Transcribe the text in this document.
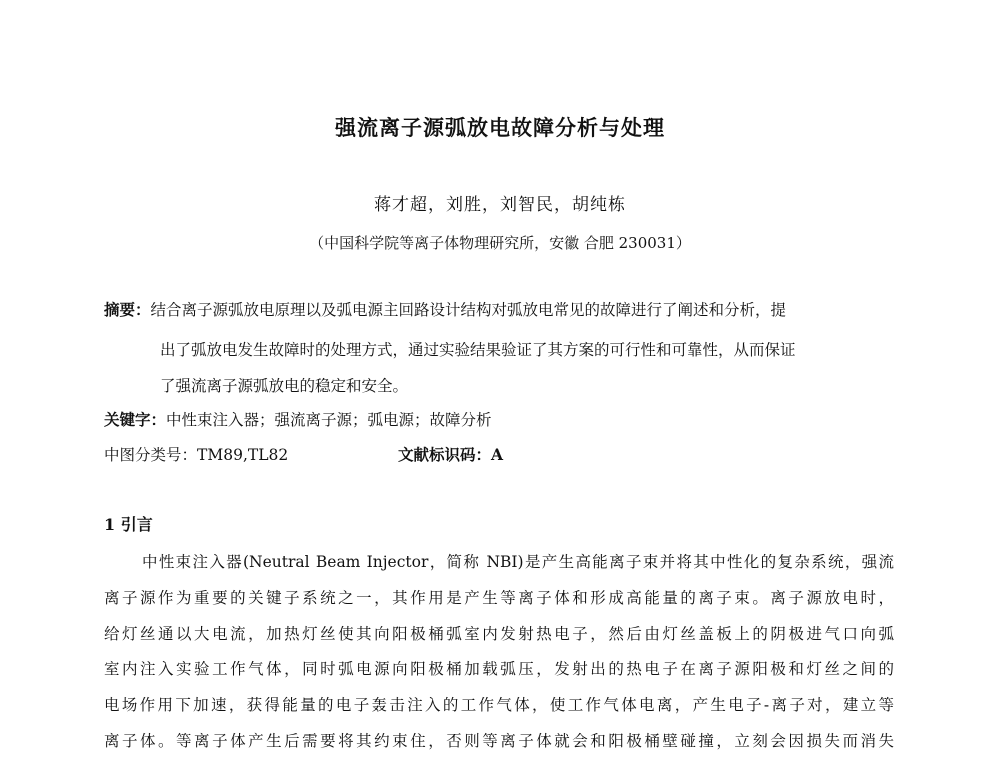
强流离子源弧放电故障分析与处理
蒋才超，刘胜，刘智民，胡纯栋
（中国科学院等离子体物理研究所，安徽 合肥 230031）
摘要：结合离子源弧放电原理以及弧电源主回路设计结构对弧放电常见的故障进行了阐述和分析，提
出了弧放电发生故障时的处理方式，通过实验结果验证了其方案的可行性和可靠性，从而保证
了强流离子源弧放电的稳定和安全。
关键字：中性束注入器；强流离子源；弧电源；故障分析
中图分类号：TM89,TL82	文献标识码：A
1 引言
中性束注入器(Neutral Beam Injector，简称 NBI)是产生高能离子束并将其中性化的复杂系统，强流
离子源作为重要的关键子系统之一，其作用是产生等离子体和形成高能量的离子束。离子源放电时，
给灯丝通以大电流，加热灯丝使其向阳极桶弧室内发射热电子，然后由灯丝盖板上的阴极进气口向弧
室内注入实验工作气体，同时弧电源向阳极桶加载弧压，发射出的热电子在离子源阳极和灯丝之间的
电场作用下加速，获得能量的电子轰击注入的工作气体，使工作气体电离，产生电子-离子对，建立等
离子体。等离子体产生后需要将其约束住，否则等离子体就会和阳极桶壁碰撞，立刻会因损失而消失
